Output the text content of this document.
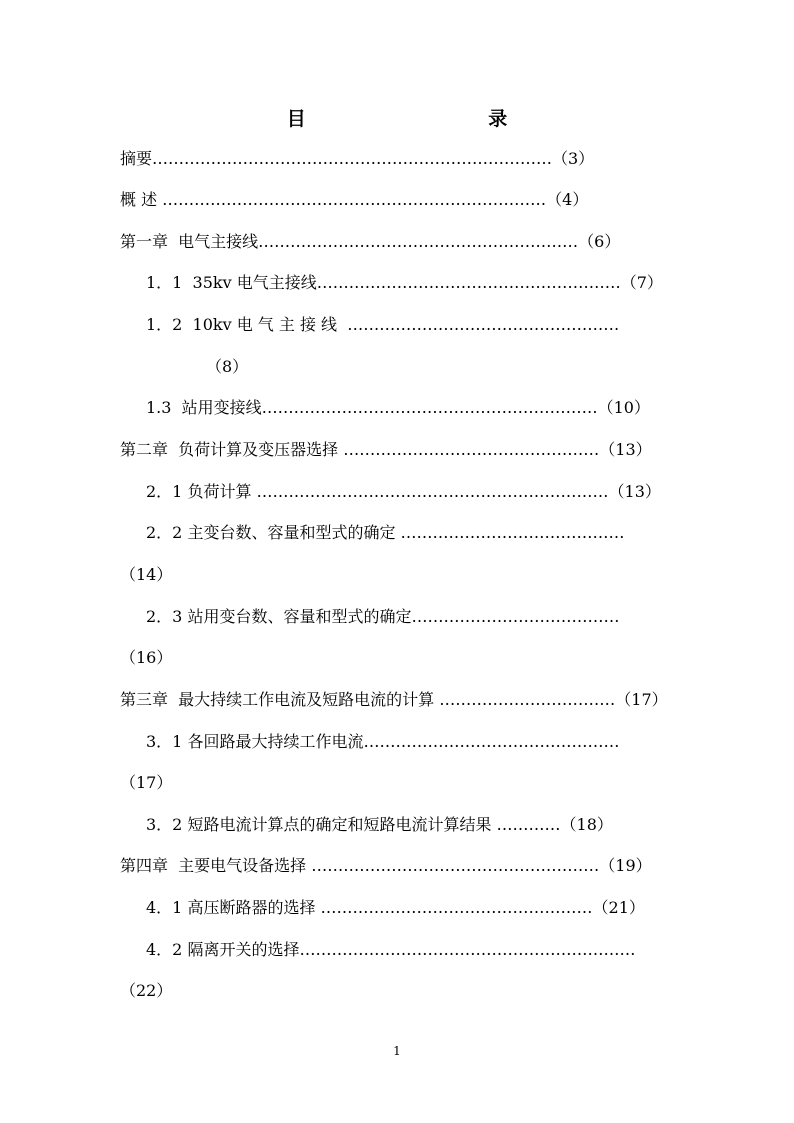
目 录
摘要…………………………………………………………………（3）
概 述 ………………………………………………………………（4）
第一章  电气主接线……………………………………………………（6）
1．1  35kv 电气主接线…………………………………………………（7）
1．2  10kv 电 气 主 接 线  ……………………………………………
（8）
1.3  站用变接线………………………………………………………（10）
第二章  负荷计算及变压器选择 …………………………………………（13）
2．1 负荷计算 …………………………………………………………（13）
2．2 主变台数、容量和型式的确定 ……………………………………
（14）
2．3 站用变台数、容量和型式的确定…………………………………
（16）
第三章  最大持续工作电流及短路电流的计算 ……………………………（17）
3．1 各回路最大持续工作电流…………………………………………
（17）
3．2 短路电流计算点的确定和短路电流计算结果 …………（18）
第四章  主要电气设备选择 ………………………………………………（19）
4．1 高压断路器的选择 ……………………………………………（21）
4．2 隔离开关的选择………………………………………………………
（22）
1
